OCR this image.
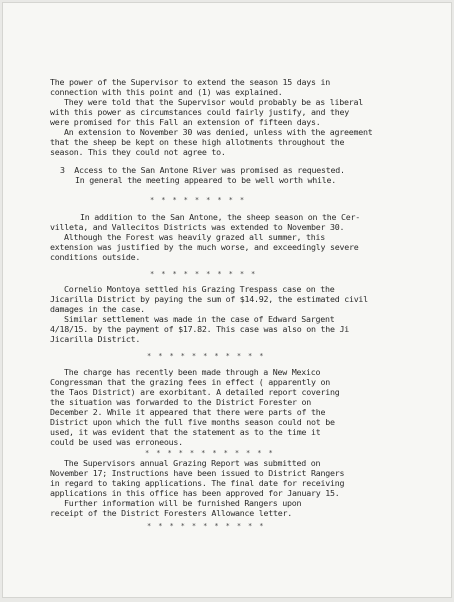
The power of the Supervisor to extend the season 15 days in
connection with this point and (1) was explained.
They were told that the Supervisor would probably be as liberal
with this power as circumstances could fairly justify, and they
were promised for this Fall an extension of fifteen days.
An extension to November 30 was denied, unless with the agreement
that the sheep be kept on these high allotments throughout the
season. This they could not agree to.
3  Access to the San Antone River was promised as requested.
In general the meeting appeared to be well worth while.
* * * * * * * * *
In addition to the San Antone, the sheep season on the Cer-
villeta, and Vallecitos Districts was extended to November 30.
Although the Forest was heavily grazed all summer, this
extension was justified by the much worse, and exceedingly severe
conditions outside.
* * * * * * * * * *
Cornelio Montoya settled his Grazing Trespass case on the
Jicarilla District by paying the sum of $14.92, the estimated civil
damages in the case.
Similar settlement was made in the case of Edward Sargent
4/18/15. by the payment of $17.82. This case was also on the Ji
Jicarilla District.
* * * * * * * * * * *
The charge has recently been made through a New Mexico
Congressman that the grazing fees in effect ( apparently on
the Taos District) are exorbitant. A detailed report covering
the situation was forwarded to the District Forester on
December 2. While it appeared that there were parts of the
District upon which the full five months season could not be
used, it was evident that the statement as to the time it
could be used was erroneous.
* * * * * * * * * * * *
The Supervisors annual Grazing Report was submitted on
November 17; Instructions have been issued to District Rangers
in regard to taking applications. The final date for receiving
applications in this office has been approved for January 15.
Further information will be furnished Rangers upon
receipt of the District Foresters Allowance letter.
* * * * * * * * * * *
